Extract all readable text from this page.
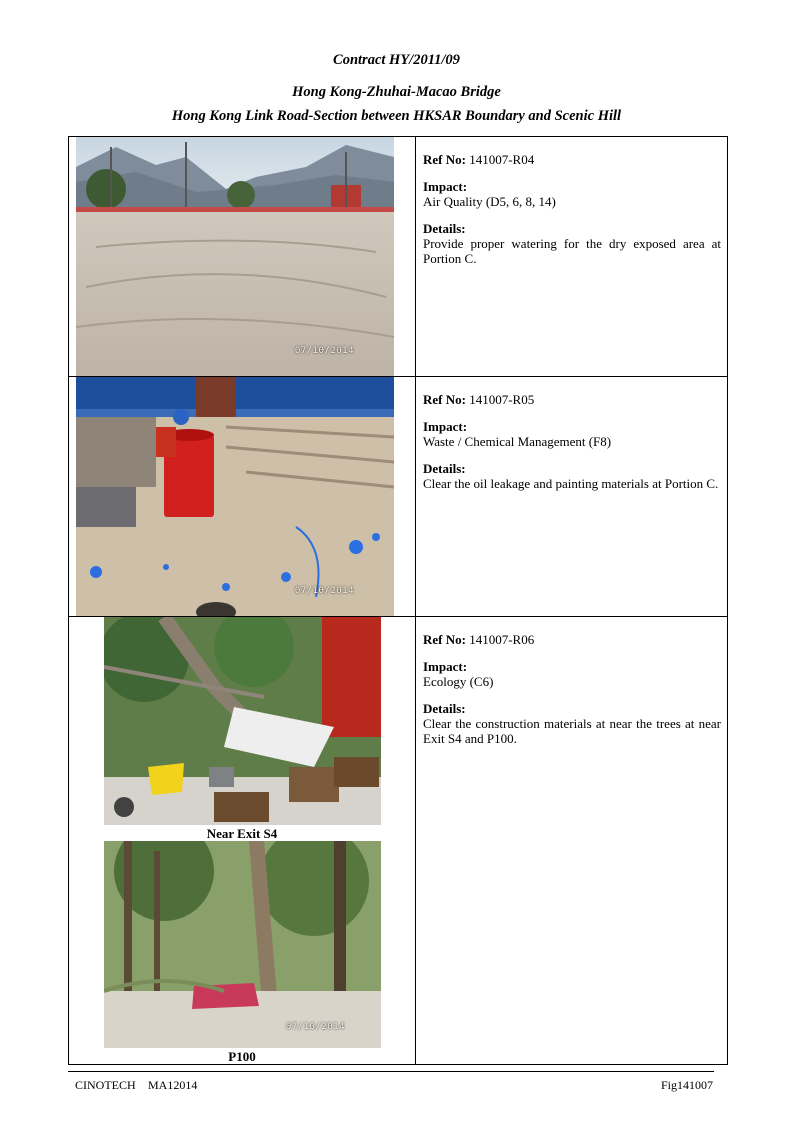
Contract HY/2011/09
Hong Kong-Zhuhai-Macao Bridge
Hong Kong Link Road-Section between HKSAR Boundary and Scenic Hill
07/10/2014
Ref No: 141007-R04
Impact:
Air Quality (D5, 6, 8, 14)
Details:
Provide proper watering for the dry exposed area at Portion C.
07/10/2014
Ref No: 141007-R05
Impact:
Waste / Chemical Management (F8)
Details:
Clear the oil leakage and painting materials at Portion C.
Near Exit S4
07/10/2014
P100
Ref No: 141007-R06
Impact:
Ecology (C6)
Details:
Clear the construction materials at near the trees at near Exit S4 and P100.
CINOTECH MA12014	Fig141007
